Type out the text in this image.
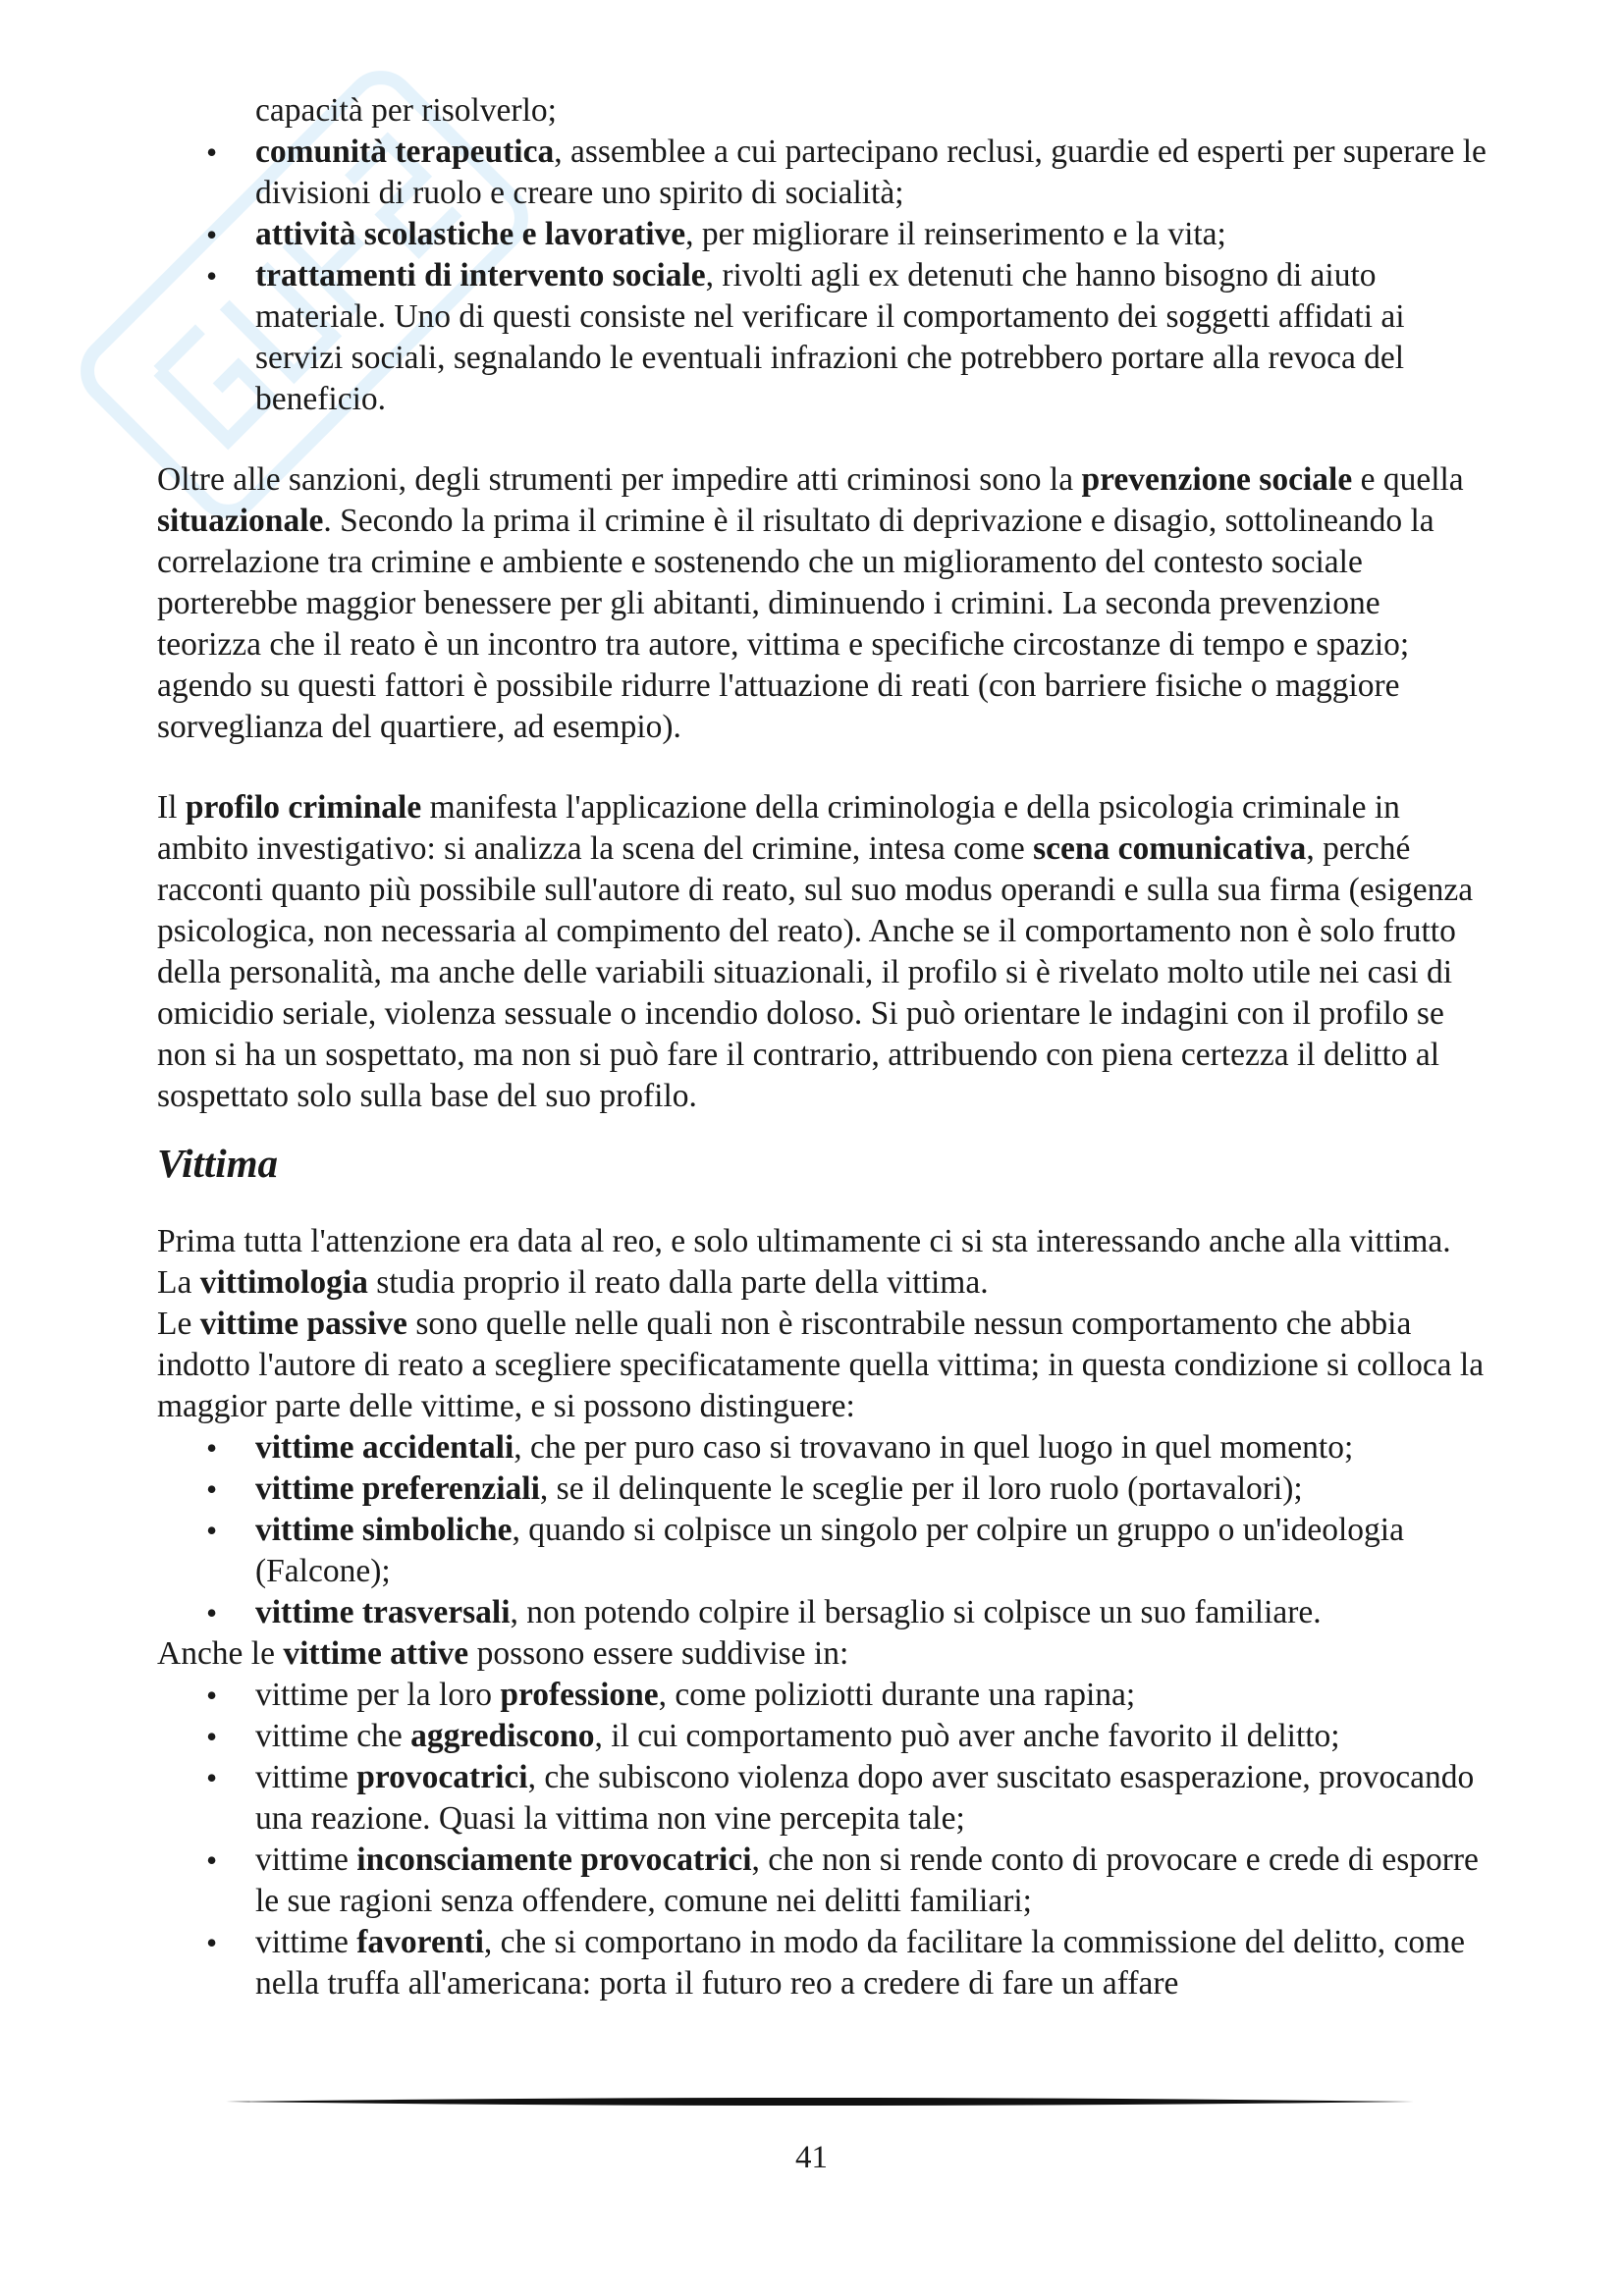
capacità per risolverlo;
• comunità terapeutica, assemblee a cui partecipano reclusi, guardie ed esperti per superare le divisioni di ruolo e creare uno spirito di socialità;
• attività scolastiche e lavorative, per migliorare il reinserimento e la vita;
• trattamenti di intervento sociale, rivolti agli ex detenuti che hanno bisogno di aiuto materiale. Uno di questi consiste nel verificare il comportamento dei soggetti affidati ai servizi sociali, segnalando le eventuali infrazioni che potrebbero portare alla revoca del beneficio.

Oltre alle sanzioni, degli strumenti per impedire atti criminosi sono la prevenzione sociale e quella situazionale. Secondo la prima il crimine è il risultato di deprivazione e disagio, sottolineando la correlazione tra crimine e ambiente e sostenendo che un miglioramento del contesto sociale porterebbe maggior benessere per gli abitanti, diminuendo i crimini. La seconda prevenzione teorizza che il reato è un incontro tra autore, vittima e specifiche circostanze di tempo e spazio; agendo su questi fattori è possibile ridurre l'attuazione di reati (con barriere fisiche o maggiore sorveglianza del quartiere, ad esempio).

Il profilo criminale manifesta l'applicazione della criminologia e della psicologia criminale in ambito investigativo: si analizza la scena del crimine, intesa come scena comunicativa, perché racconti quanto più possibile sull'autore di reato, sul suo modus operandi e sulla sua firma (esigenza psicologica, non necessaria al compimento del reato). Anche se il comportamento non è solo frutto della personalità, ma anche delle variabili situazionali, il profilo si è rivelato molto utile nei casi di omicidio seriale, violenza sessuale o incendio doloso. Si può orientare le indagini con il profilo se non si ha un sospettato, ma non si può fare il contrario, attribuendo con piena certezza il delitto al sospettato solo sulla base del suo profilo.

Vittima

Prima tutta l'attenzione era data al reo, e solo ultimamente ci si sta interessando anche alla vittima. La vittimologia studia proprio il reato dalla parte della vittima.

Le vittime passive sono quelle nelle quali non è riscontrabile nessun comportamento che abbia indotto l'autore di reato a scegliere specificatamente quella vittima; in questa condizione si colloca la maggior parte delle vittime, e si possono distinguere:

• vittime accidentali, che per puro caso si trovavano in quel luogo in quel momento;
• vittime preferenziali, se il delinquente le sceglie per il loro ruolo (portavalori);
• vittime simboliche, quando si colpisce un singolo per colpire un gruppo o un'ideologia (Falcone);
• vittime trasversali, non potendo colpire il bersaglio si colpisce un suo familiare.

Anche le vittime attive possono essere suddivise in:

• vittime per la loro professione, come poliziotti durante una rapina;
• vittime che aggrediscono, il cui comportamento può aver anche favorito il delitto;
• vittime provocatrici, che subiscono violenza dopo aver suscitato esasperazione, provocando una reazione. Quasi la vittima non vine percepita tale;
• vittime inconsciamente provocatrici, che non si rende conto di provocare e crede di esporre le sue ragioni senza offendere, comune nei delitti familiari;
• vittime favorenti, che si comportano in modo da facilitare la commissione del delitto, come nella truffa all'americana: porta il futuro reo a credere di fare un affare
41
